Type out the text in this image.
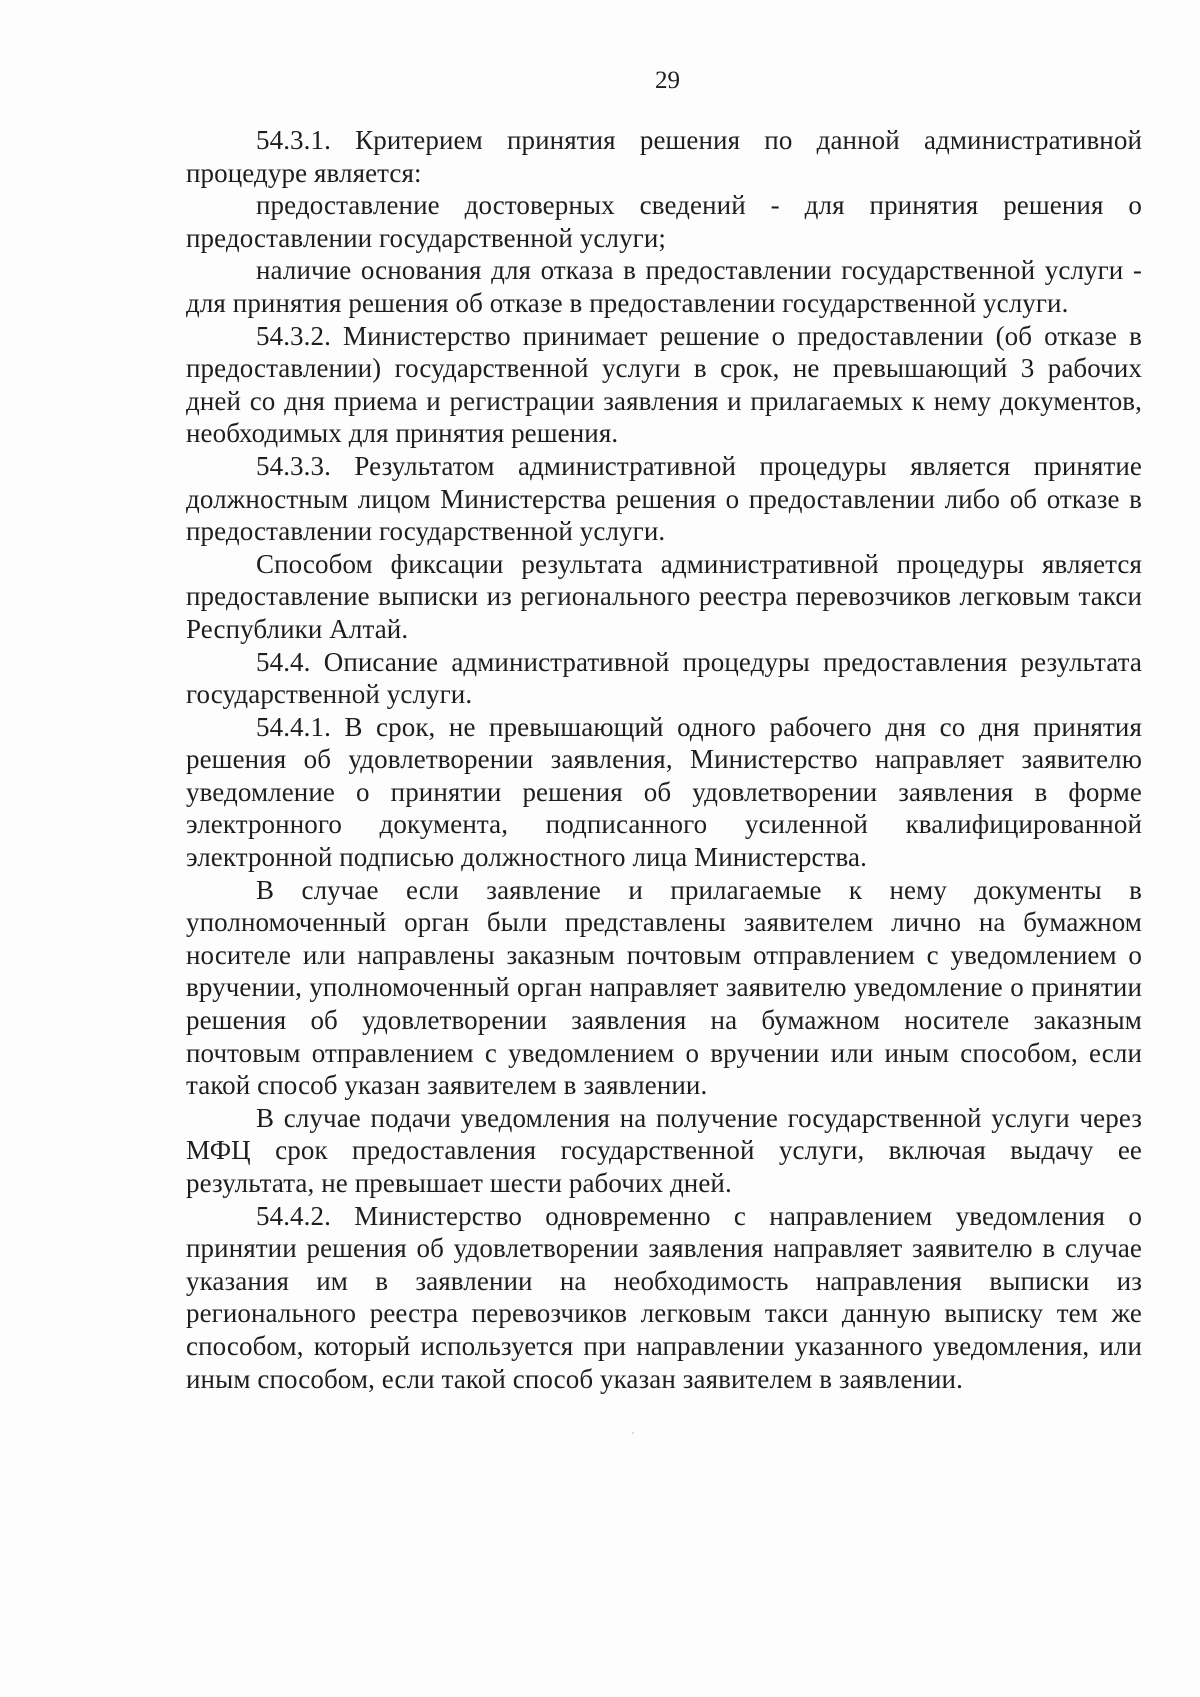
29

54.3.1. Критерием принятия решения по данной административной процедуре является:

предоставление достоверных сведений - для принятия решения о предоставлении государственной услуги;

наличие основания для отказа в предоставлении государственной услуги - для принятия решения об отказе в предоставлении государственной услуги.

54.3.2. Министерство принимает решение о предоставлении (об отказе в предоставлении) государственной услуги в срок, не превышающий 3 рабочих дней со дня приема и регистрации заявления и прилагаемых к нему документов, необходимых для принятия решения.

54.3.3. Результатом административной процедуры является принятие должностным лицом Министерства решения о предоставлении либо об отказе в предоставлении государственной услуги.

Способом фиксации результата административной процедуры является предоставление выписки из регионального реестра перевозчиков легковым такси Республики Алтай.

54.4. Описание административной процедуры предоставления результата государственной услуги.

54.4.1. В срок, не превышающий одного рабочего дня со дня принятия решения об удовлетворении заявления, Министерство направляет заявителю уведомление о принятии решения об удовлетворении заявления в форме электронного документа, подписанного усиленной квалифицированной электронной подписью должностного лица Министерства.

В случае если заявление и прилагаемые к нему документы в уполномоченный орган были представлены заявителем лично на бумажном носителе или направлены заказным почтовым отправлением с уведомлением о вручении, уполномоченный орган направляет заявителю уведомление о принятии решения об удовлетворении заявления на бумажном носителе заказным почтовым отправлением с уведомлением о вручении или иным способом, если такой способ указан заявителем в заявлении.

В случае подачи уведомления на получение государственной услуги через МФЦ срок предоставления государственной услуги, включая выдачу ее результата, не превышает шести рабочих дней.

54.4.2. Министерство одновременно с направлением уведомления о принятии решения об удовлетворении заявления направляет заявителю в случае указания им в заявлении на необходимость направления выписки из регионального реестра перевозчиков легковым такси данную выписку тем же способом, который используется при направлении указанного уведомления, или иным способом, если такой способ указан заявителем в заявлении.
